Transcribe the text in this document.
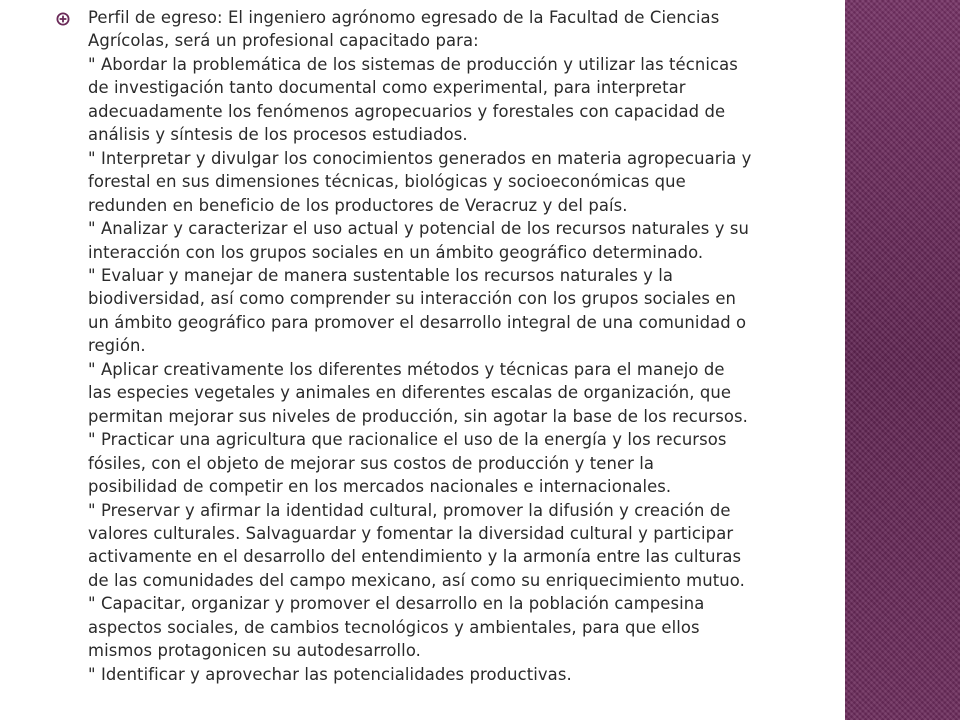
Perfil de egreso: El ingeniero agrónomo egresado de la Facultad de Ciencias
Agrícolas, será un profesional capacitado para:
" Abordar la problemática de los sistemas de producción y utilizar las técnicas
de investigación tanto documental como experimental, para interpretar
adecuadamente los fenómenos agropecuarios y forestales con capacidad de
análisis y síntesis de los procesos estudiados.
" Interpretar y divulgar los conocimientos generados en materia agropecuaria y
forestal en sus dimensiones técnicas, biológicas y socioeconómicas que
redunden en beneficio de los productores de Veracruz y del país.
" Analizar y caracterizar el uso actual y potencial de los recursos naturales y su
interacción con los grupos sociales en un ámbito geográfico determinado.
" Evaluar y manejar de manera sustentable los recursos naturales y la
biodiversidad, así como comprender su interacción con los grupos sociales en
un ámbito geográfico para promover el desarrollo integral de una comunidad o
región.
" Aplicar creativamente los diferentes métodos y técnicas para el manejo de
las especies vegetales y animales en diferentes escalas de organización, que
permitan mejorar sus niveles de producción, sin agotar la base de los recursos.
" Practicar una agricultura que racionalice el uso de la energía y los recursos
fósiles, con el objeto de mejorar sus costos de producción y tener la
posibilidad de competir en los mercados nacionales e internacionales.
" Preservar y afirmar la identidad cultural, promover la difusión y creación de
valores culturales. Salvaguardar y fomentar la diversidad cultural y participar
activamente en el desarrollo del entendimiento y la armonía entre las culturas
de las comunidades del campo mexicano, así como su enriquecimiento mutuo.
" Capacitar, organizar y promover el desarrollo en la población campesina
aspectos sociales, de cambios tecnológicos y ambientales, para que ellos
mismos protagonicen su autodesarrollo.
" Identificar y aprovechar las potencialidades productivas.
